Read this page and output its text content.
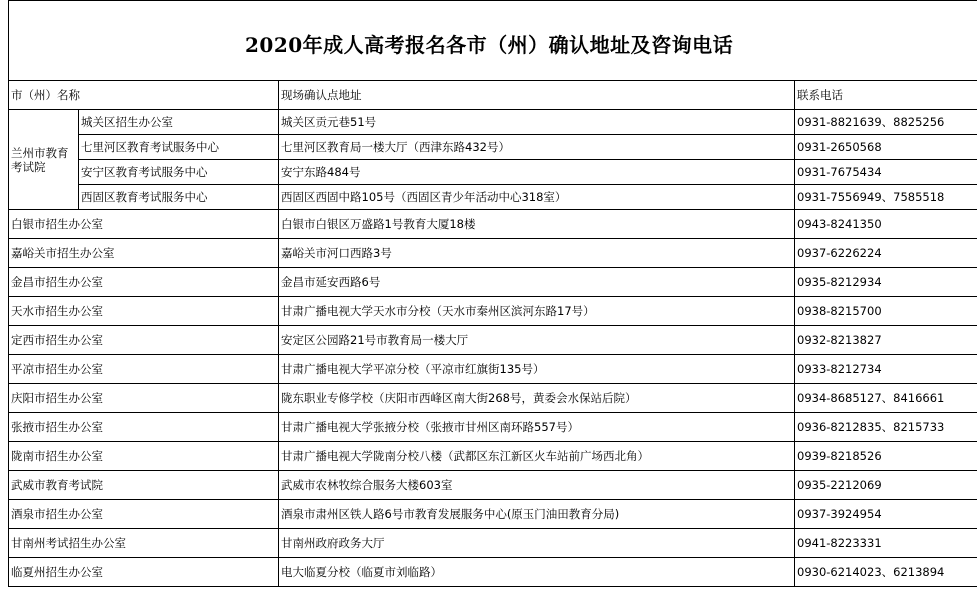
2020年成人高考报名各市（州）确认地址及咨询电话
市（州）名称		现场确认点地址	联系电话
兰州市教育考试院	城关区招生办公室	城关区贡元巷51号	0931-8821639、8825256
	七里河区教育考试服务中心	七里河区教育局一楼大厅（西津东路432号）	0931-2650568
	安宁区教育考试服务中心	安宁东路484号	0931-7675434
	西固区教育考试服务中心	西固区西固中路105号（西固区青少年活动中心318室）	0931-7556949、7585518
白银市招生办公室		白银市白银区万盛路1号教育大厦18楼	0943-8241350
嘉峪关市招生办公室		嘉峪关市河口西路3号	0937-6226224
金昌市招生办公室		金昌市延安西路6号	0935-8212934
天水市招生办公室		甘肃广播电视大学天水市分校（天水市秦州区滨河东路17号）	0938-8215700
定西市招生办公室		安定区公园路21号市教育局一楼大厅	0932-8213827
平凉市招生办公室		甘肃广播电视大学平凉分校（平凉市红旗街135号）	0933-8212734
庆阳市招生办公室		陇东职业专修学校（庆阳市西峰区南大街268号，黄委会水保站后院）	0934-8685127、8416661
张掖市招生办公室		甘肃广播电视大学张掖分校（张掖市甘州区南环路557号）	0936-8212835、8215733
陇南市招生办公室		甘肃广播电视大学陇南分校八楼（武都区东江新区火车站前广场西北角）	0939-8218526
武威市教育考试院		武威市农林牧综合服务大楼603室	0935-2212069
酒泉市招生办公室		酒泉市肃州区铁人路6号市教育发展服务中心(原玉门油田教育分局)	0937-3924954
甘南州考试招生办公室		甘南州政府政务大厅	0941-8223331
临夏州招生办公室		电大临夏分校（临夏市刘临路）	0930-6214023、6213894
